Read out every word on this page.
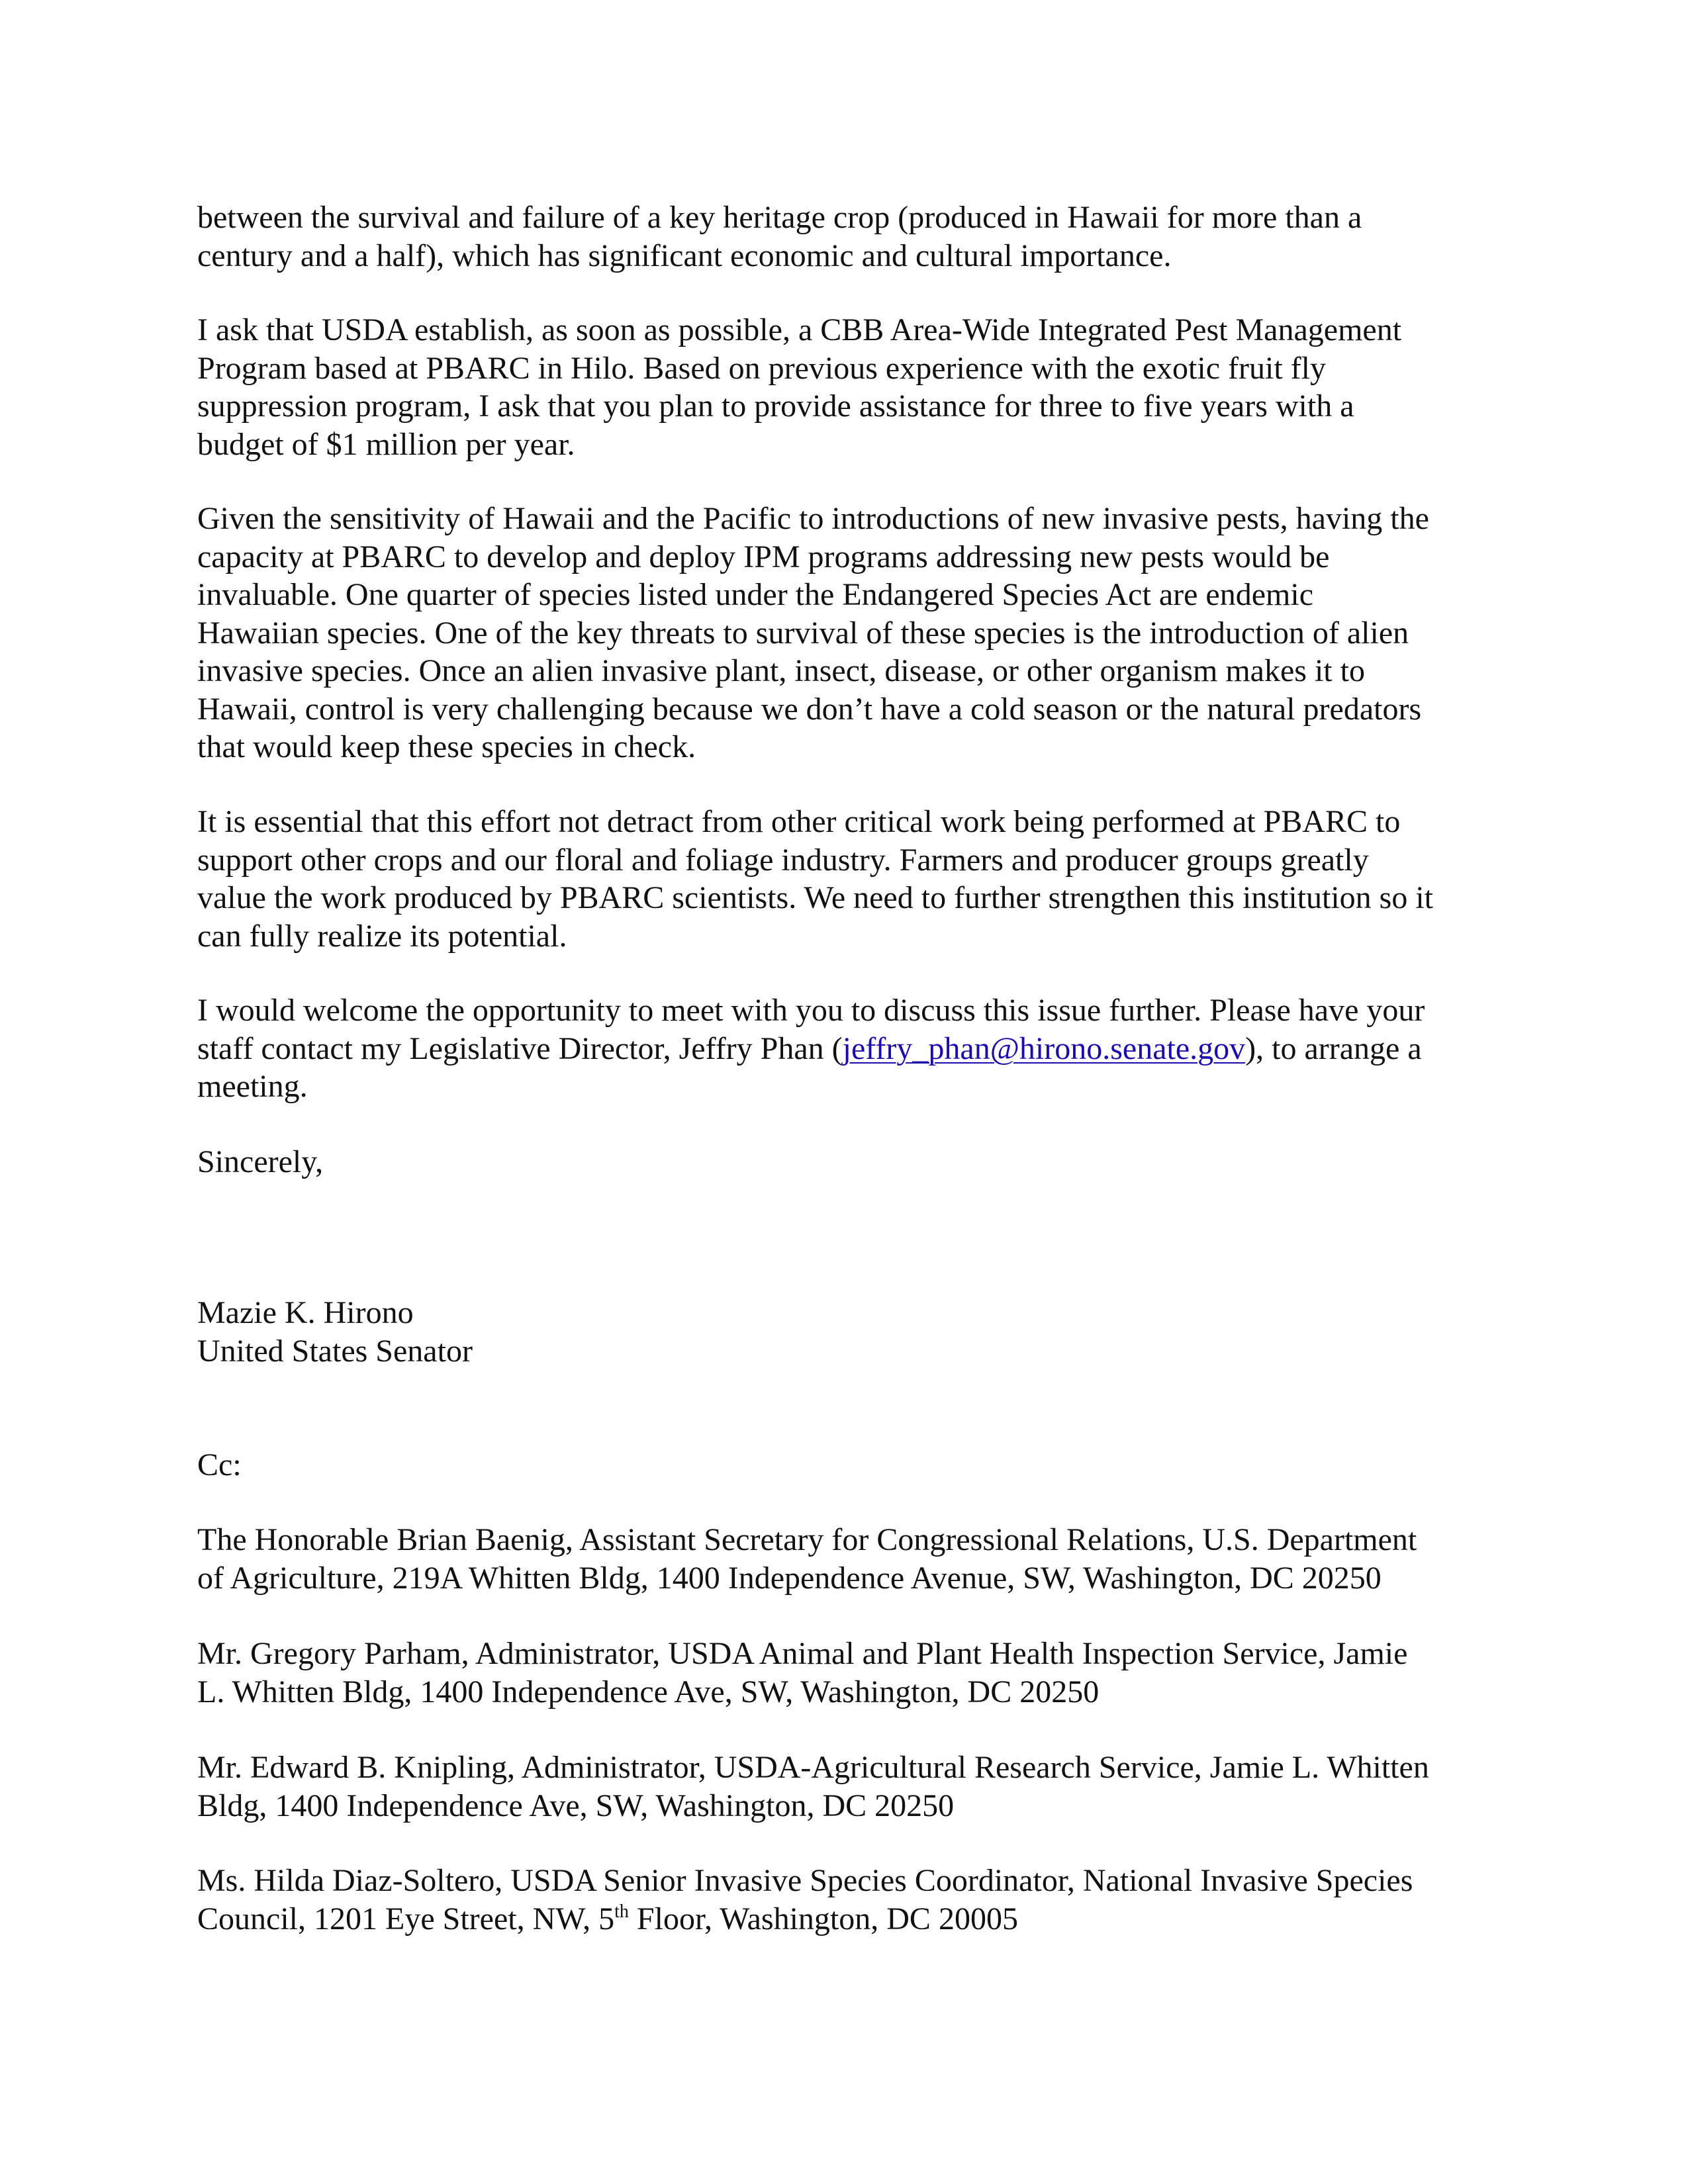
between the survival and failure of a key heritage crop (produced in Hawaii for more than a
century and a half), which has significant economic and cultural importance.

I ask that USDA establish, as soon as possible, a CBB Area-Wide Integrated Pest Management
Program based at PBARC in Hilo. Based on previous experience with the exotic fruit fly
suppression program, I ask that you plan to provide assistance for three to five years with a
budget of $1 million per year.

Given the sensitivity of Hawaii and the Pacific to introductions of new invasive pests, having the
capacity at PBARC to develop and deploy IPM programs addressing new pests would be
invaluable. One quarter of species listed under the Endangered Species Act are endemic
Hawaiian species. One of the key threats to survival of these species is the introduction of alien
invasive species. Once an alien invasive plant, insect, disease, or other organism makes it to
Hawaii, control is very challenging because we don’t have a cold season or the natural predators
that would keep these species in check.

It is essential that this effort not detract from other critical work being performed at PBARC to
support other crops and our floral and foliage industry. Farmers and producer groups greatly
value the work produced by PBARC scientists. We need to further strengthen this institution so it
can fully realize its potential.

I would welcome the opportunity to meet with you to discuss this issue further. Please have your
staff contact my Legislative Director, Jeffry Phan (jeffry_phan@hirono.senate.gov), to arrange a
meeting.

Sincerely,

Mazie K. Hirono
United States Senator

Cc:

The Honorable Brian Baenig, Assistant Secretary for Congressional Relations, U.S. Department
of Agriculture, 219A Whitten Bldg, 1400 Independence Avenue, SW, Washington, DC 20250

Mr. Gregory Parham, Administrator, USDA Animal and Plant Health Inspection Service, Jamie
L. Whitten Bldg, 1400 Independence Ave, SW, Washington, DC 20250

Mr. Edward B. Knipling, Administrator, USDA-Agricultural Research Service, Jamie L. Whitten
Bldg, 1400 Independence Ave, SW, Washington, DC 20250

Ms. Hilda Diaz-Soltero, USDA Senior Invasive Species Coordinator, National Invasive Species
Council, 1201 Eye Street, NW, 5th Floor, Washington, DC 20005
